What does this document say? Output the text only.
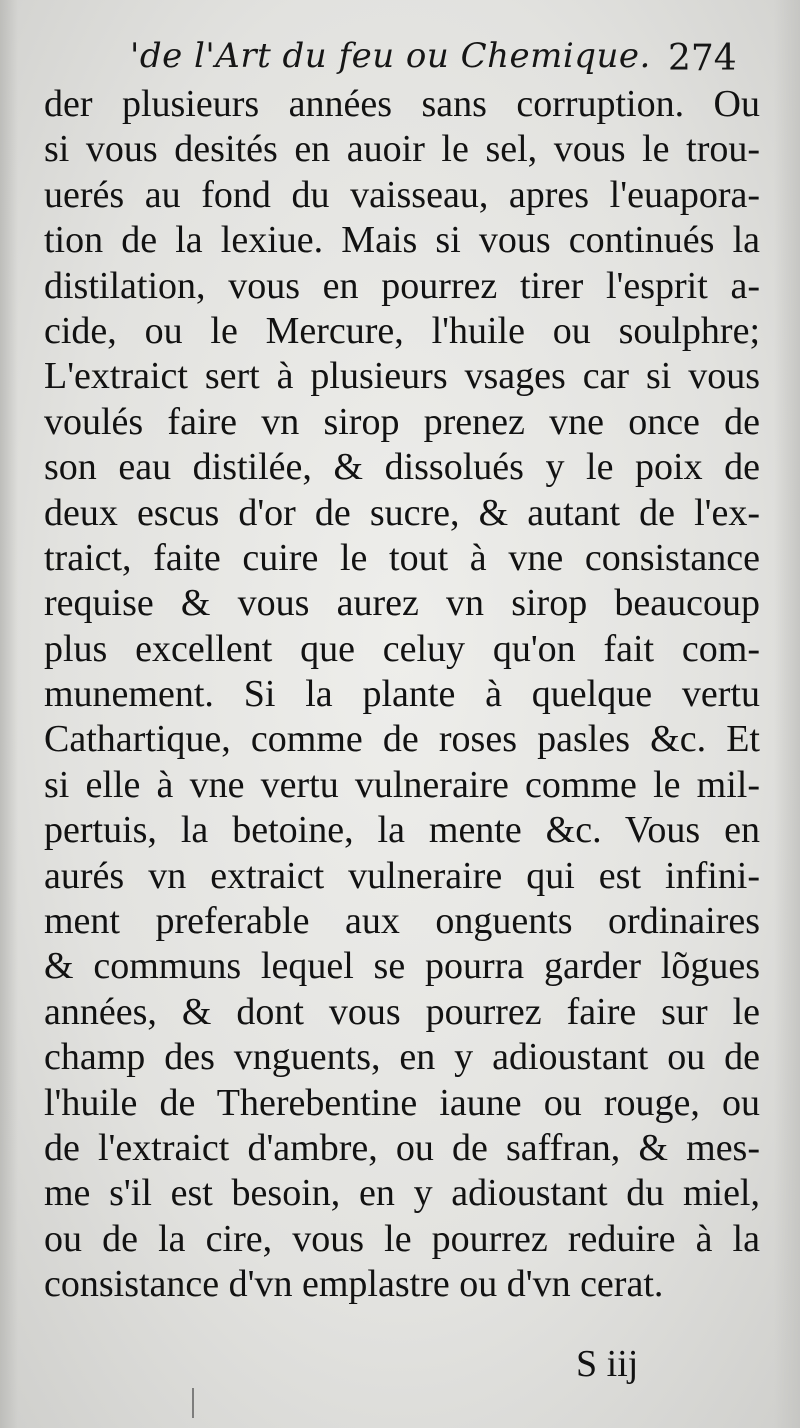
'de l'Art du feu ou Chemique. 274
der plusieurs années sans corruption. Ou
si vous desités en auoir le sel, vous le trou-
uerés au fond du vaisseau, apres l'euapora-
tion de la lexiue. Mais si vous continués la
distilation, vous en pourrez tirer l'esprit a-
cide, ou le Mercure, l'huile ou soulphre;
L'extraict sert à plusieurs vsages car si vous
voulés faire vn sirop prenez vne once de
son eau distilée, & dissolués y le poix de
deux escus d'or de sucre, & autant de l'ex-
traict, faite cuire le tout à vne consistance
requise & vous aurez vn sirop beaucoup
plus excellent que celuy qu'on fait com-
munement. Si la plante à quelque vertu
Cathartique, comme de roses pasles &c. Et
si elle à vne vertu vulneraire comme le mil-
pertuis, la betoine, la mente &c. Vous en
aurés vn extraict vulneraire qui est infini-
ment preferable aux onguents ordinaires
& communs lequel se pourra garder lõgues
années, & dont vous pourrez faire sur le
champ des vnguents, en y adioustant ou de
l'huile de Therebentine iaune ou rouge, ou
de l'extraict d'ambre, ou de saffran, & mes-
me s'il est besoin, en y adioustant du miel,
ou de la cire, vous le pourrez reduire à la
consistance d'vn emplastre ou d'vn cerat.
S iij
